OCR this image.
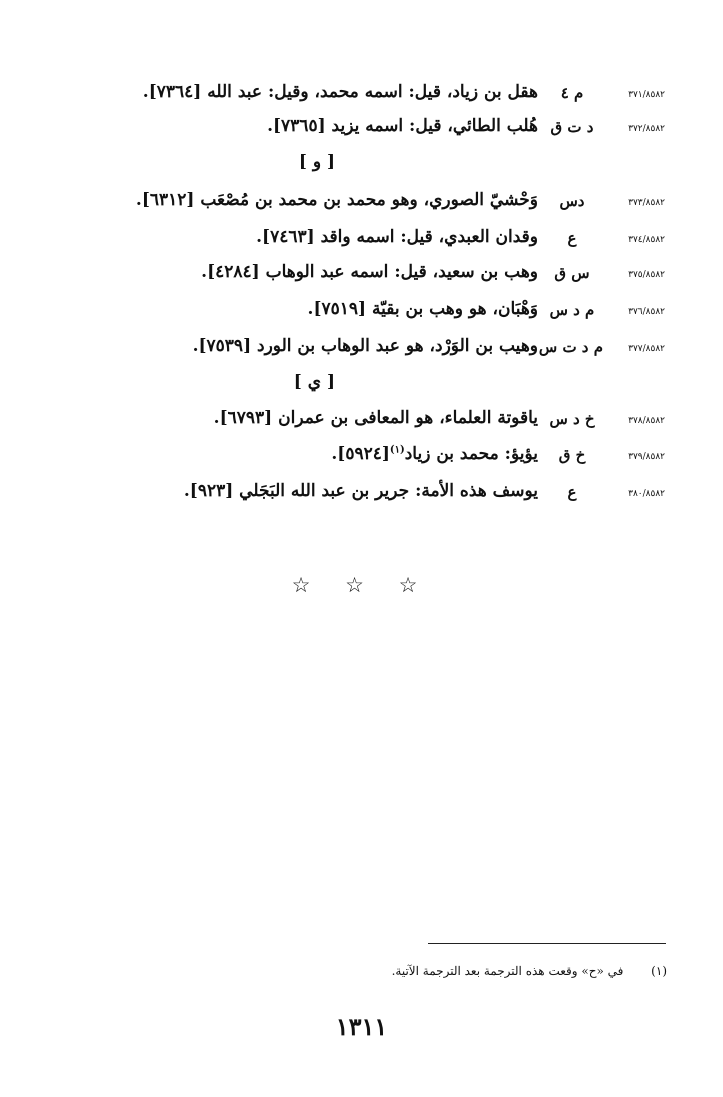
٣٧١/٨٥٨٢
م ٤
هقل بن زياد، قيل: اسمه محمد، وقيل: عبد الله [٧٣٦٤].
٣٧٢/٨٥٨٢
د ت ق
هُلب الطائي، قيل: اسمه يزيد [٧٣٦٥].
[ و ]
٣٧٣/٨٥٨٢
دس
وَحْشيّ الصوري، وهو محمد بن محمد بن مُصْعَب [٦٣١٢].
٣٧٤/٨٥٨٢
ع
وقدان العبدي، قيل: اسمه واقد [٧٤٦٣].
٣٧٥/٨٥٨٢
س ق
وهب بن سعيد، قيل: اسمه عبد الوهاب [٤٢٨٤].
٣٧٦/٨٥٨٢
م د س
وَهْبَان، هو وهب بن بقيّة [٧٥١٩].
٣٧٧/٨٥٨٢
م د ت س
وهيب بن الوَرْد، هو عبد الوهاب بن الورد [٧٥٣٩].
[ ي ]
٣٧٨/٨٥٨٢
خ د س
ياقوتة العلماء، هو المعافى بن عمران [٦٧٩٣].
٣٧٩/٨٥٨٢
خ ق
يؤيؤ: محمد بن زياد$^{(١)}$[٥٩٢٤].
٣٨٠/٨٥٨٢
ع
يوسف هذه الأمة: جرير بن عبد الله البَجَلي [٩٢٣].
☆ ☆ ☆
(١) في «ح» وقعت هذه الترجمة بعد الترجمة الآتية.
١٣١١
